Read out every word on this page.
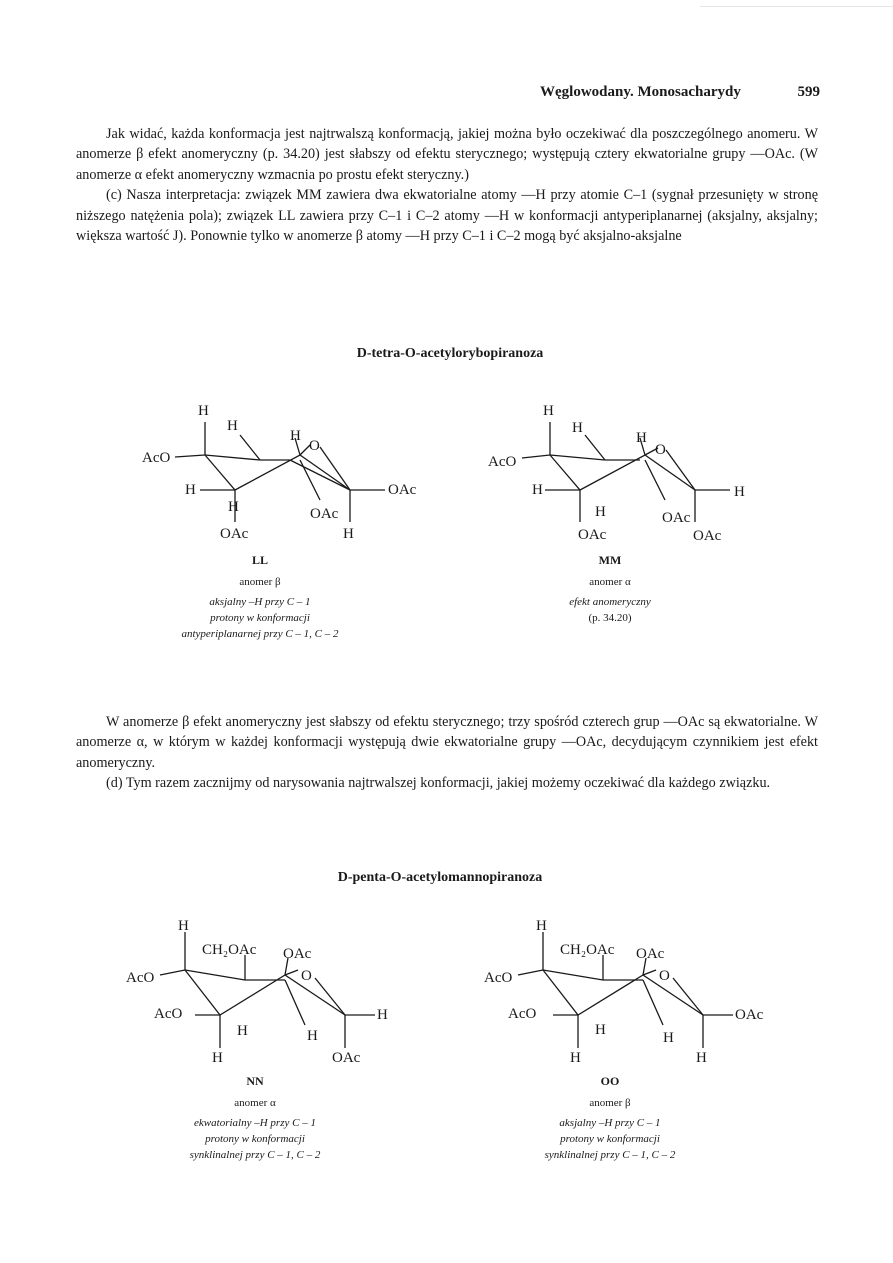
Węglowodany. Monosacharydy	599

Jak widać, każda konformacja jest najtrwalszą konformacją, jakiej można było oczekiwać dla poszczególnego anomeru. W anomerze β efekt anomeryczny (p. 34.20) jest słabszy od efektu sterycznego; występują cztery ekwatorialne grupy —OAc. (W anomerze α efekt anomeryczny wzmacnia po prostu efekt steryczny.)

(c) Nasza interpretacja: związek MM zawiera dwa ekwatorialne atomy —H przy atomie C–1 (sygnał przesunięty w stronę niższego natężenia pola); związek LL zawiera przy C–1 i C–2 atomy —H w konformacji antyperiplanarnej (aksjalny, aksjalny; większa wartość J). Ponownie tylko w anomerze β atomy —H przy C–1 i C–2 mogą być aksjalno-aksjalne

D-tetra-O-acetylorybopiranoza
H
H
H
O
AcO
H	OAc
H	OAc
OAc	H
H
H
H
O
AcO
H	H
H	OAc
OAc	OAc
LL
anomer β
aksjalny –H przy C – 1
protony w konformacji
antyperiplanarnej przy C – 1, C – 2
MM
anomer α
efekt anomeryczny
(p. 34.20)

W anomerze β efekt anomeryczny jest słabszy od efektu sterycznego; trzy spośród czterech grup —OAc są ekwatorialne. W anomerze α, w którym w każdej konformacji występują dwie ekwatorialne grupy —OAc, decydującym czynnikiem jest efekt anomeryczny.

(d) Tym razem zacznijmy od narysowania najtrwalszej konformacji, jakiej możemy oczekiwać dla każdego związku.

D-penta-O-acetylomannopiranoza
H
CH₂OAc OAc
O
AcO
AcO	H
H	H
H	OAc
H
CH₂OAc OAc
O
AcO
AcO	OAc
H	H
H	H
NN
anomer α
ekwatorialny –H przy C – 1
protony w konformacji
synklinalnej przy C – 1, C – 2
OO
anomer β
aksjalny –H przy C – 1
protony w konformacji
synklinalnej przy C – 1, C – 2
